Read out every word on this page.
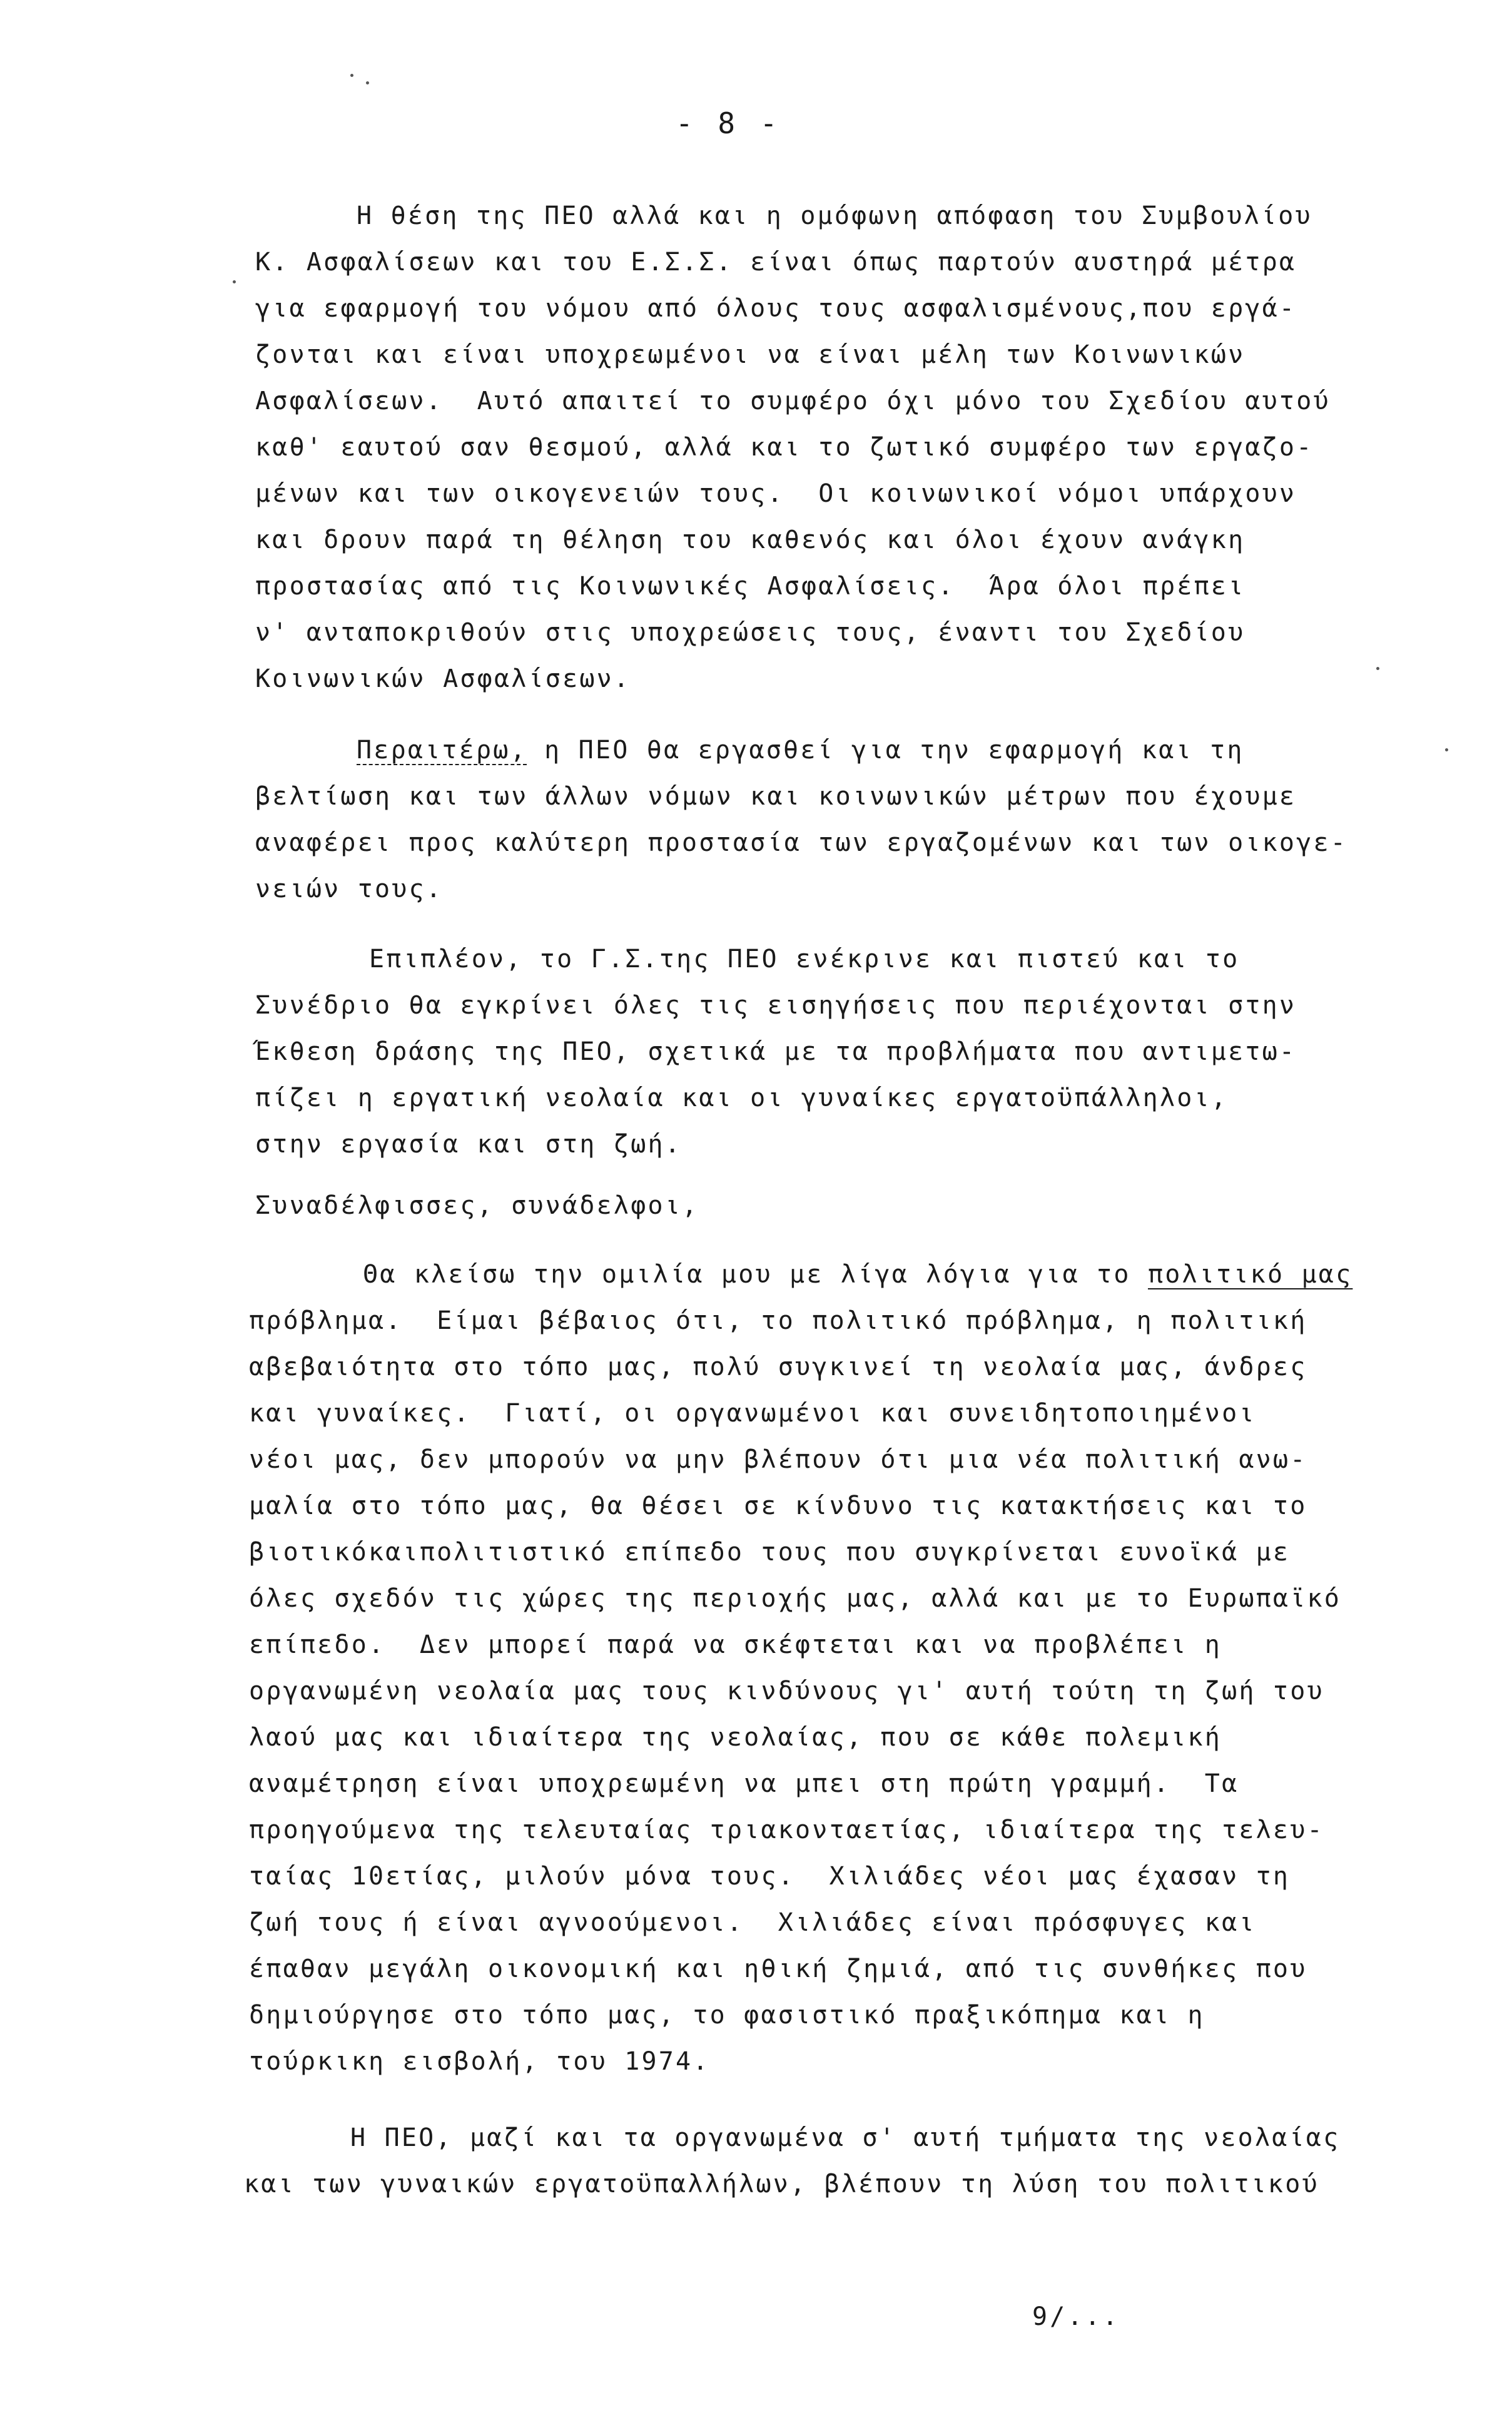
- 8 -
Η θέση της ΠΕΟ αλλά και η ομόφωνη απόφαση του Συμβουλίου
Κ. Ασφαλίσεων και του Ε.Σ.Σ. είναι όπως παρτούν αυστηρά μέτρα
για εφαρμογή του νόμου από όλους τους ασφαλισμένους,που εργά-
ζονται και είναι υποχρεωμένοι να είναι μέλη των Κοινωνικών
Ασφαλίσεων.  Αυτό απαιτεί το συμφέρο όχι μόνο του Σχεδίου αυτού
καθ' εαυτού σαν θεσμού, αλλά και το ζωτικό συμφέρο των εργαζο-
μένων και των οικογενειών τους.  Οι κοινωνικοί νόμοι υπάρχουν
και δρουν παρά τη θέληση του καθενός και όλοι έχουν ανάγκη
προστασίας από τις Κοινωνικές Ασφαλίσεις.  Άρα όλοι πρέπει
ν' ανταποκριθούν στις υποχρεώσεις τους, έναντι του Σχεδίου
Κοινωνικών Ασφαλίσεων.
Περαιτέρω, η ΠΕΟ θα εργασθεί για την εφαρμογή και τη
βελτίωση και των άλλων νόμων και κοινωνικών μέτρων που έχουμε
αναφέρει προς καλύτερη προστασία των εργαζομένων και των οικογε-
νειών τους.
Επιπλέον, το Γ.Σ.της ΠΕΟ ενέκρινε και πιστεύ και το
Συνέδριο θα εγκρίνει όλες τις εισηγήσεις που περιέχονται στην
Έκθεση δράσης της ΠΕΟ, σχετικά με τα προβλήματα που αντιμετω-
πίζει η εργατική νεολαία και οι γυναίκες εργατοϋπάλληλοι,
στην εργασία και στη ζωή.
Συναδέλφισσες, συνάδελφοι,
Θα κλείσω την ομιλία μου με λίγα λόγια για το πολιτικό μας
πρόβλημα.  Είμαι βέβαιος ότι, το πολιτικό πρόβλημα, η πολιτική
αβεβαιότητα στο τόπο μας, πολύ συγκινεί τη νεολαία μας, άνδρες
και γυναίκες.  Γιατί, οι οργανωμένοι και συνειδητοποιημένοι
νέοι μας, δεν μπορούν να μην βλέπουν ότι μια νέα πολιτική ανω-
μαλία στο τόπο μας, θα θέσει σε κίνδυνο τις κατακτήσεις και το
βιοτικόκαιπολιτιστικό επίπεδο τους που συγκρίνεται ευνοϊκά με
όλες σχεδόν τις χώρες της περιοχής μας, αλλά και με το Ευρωπαϊκό
επίπεδο.  Δεν μπορεί παρά να σκέφτεται και να προβλέπει η
οργανωμένη νεολαία μας τους κινδύνους γι' αυτή τούτη τη ζωή του
λαού μας και ιδιαίτερα της νεολαίας, που σε κάθε πολεμική
αναμέτρηση είναι υποχρεωμένη να μπει στη πρώτη γραμμή.  Τα
προηγούμενα της τελευταίας τριακονταετίας, ιδιαίτερα της τελευ-
ταίας 10ετίας, μιλούν μόνα τους.  Χιλιάδες νέοι μας έχασαν τη
ζωή τους ή είναι αγνοούμενοι.  Χιλιάδες είναι πρόσφυγες και
έπαθαν μεγάλη οικονομική και ηθική ζημιά, από τις συνθήκες που
δημιούργησε στο τόπο μας, το φασιστικό πραξικόπημα και η
τούρκικη εισβολή, του 1974.
Η ΠΕΟ, μαζί και τα οργανωμένα σ' αυτή τμήματα της νεολαίας
και των γυναικών εργατοϋπαλλήλων, βλέπουν τη λύση του πολιτικού
9/...
